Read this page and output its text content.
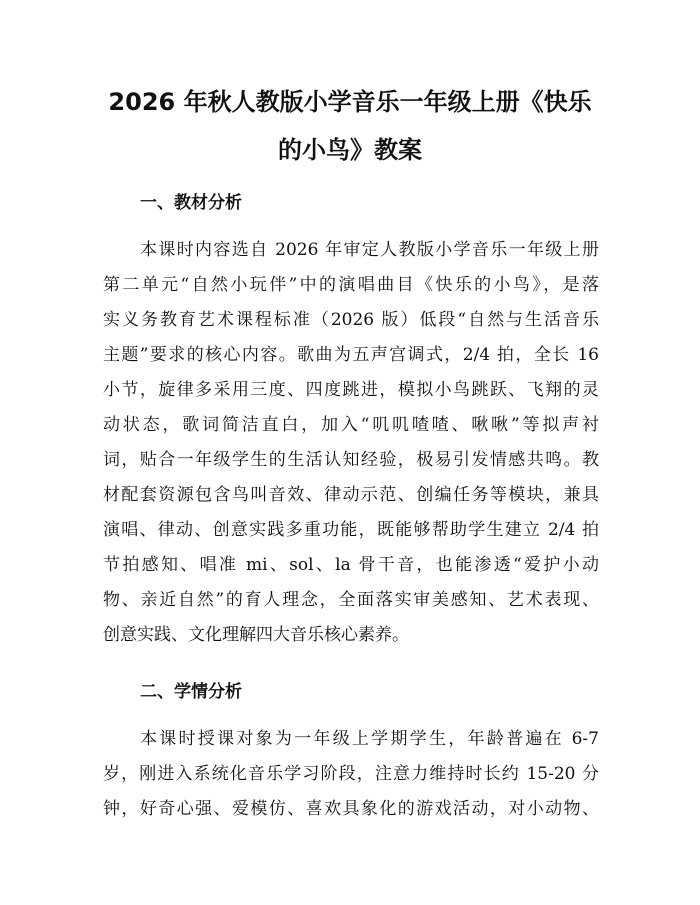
2026 年秋人教版小学音乐一年级上册《快乐
的小鸟》教案
一、教材分析

本课时内容选自 2026 年审定人教版小学音乐一年级上册

第二单元“自然小玩伴”中的演唱曲目《快乐的小鸟》，是落

实义务教育艺术课程标准（2026 版）低段“自然与生活音乐

主题”要求的核心内容。歌曲为五声宫调式，2/4 拍，全长 16

小节，旋律多采用三度、四度跳进，模拟小鸟跳跃、飞翔的灵

动状态，歌词简洁直白，加入“叽叽喳喳、啾啾”等拟声衬

词，贴合一年级学生的生活认知经验，极易引发情感共鸣。教

材配套资源包含鸟叫音效、律动示范、创编任务等模块，兼具

演唱、律动、创意实践多重功能，既能够帮助学生建立 2/4 拍

节拍感知、唱准 mi、sol、la 骨干音，也能渗透“爱护小动

物、亲近自然”的育人理念，全面落实审美感知、艺术表现、

创意实践、文化理解四大音乐核心素养。

二、学情分析

本课时授课对象为一年级上学期学生，年龄普遍在 6-7

岁，刚进入系统化音乐学习阶段，注意力维持时长约 15-20 分

钟，好奇心强、爱模仿、喜欢具象化的游戏活动，对小动物、
